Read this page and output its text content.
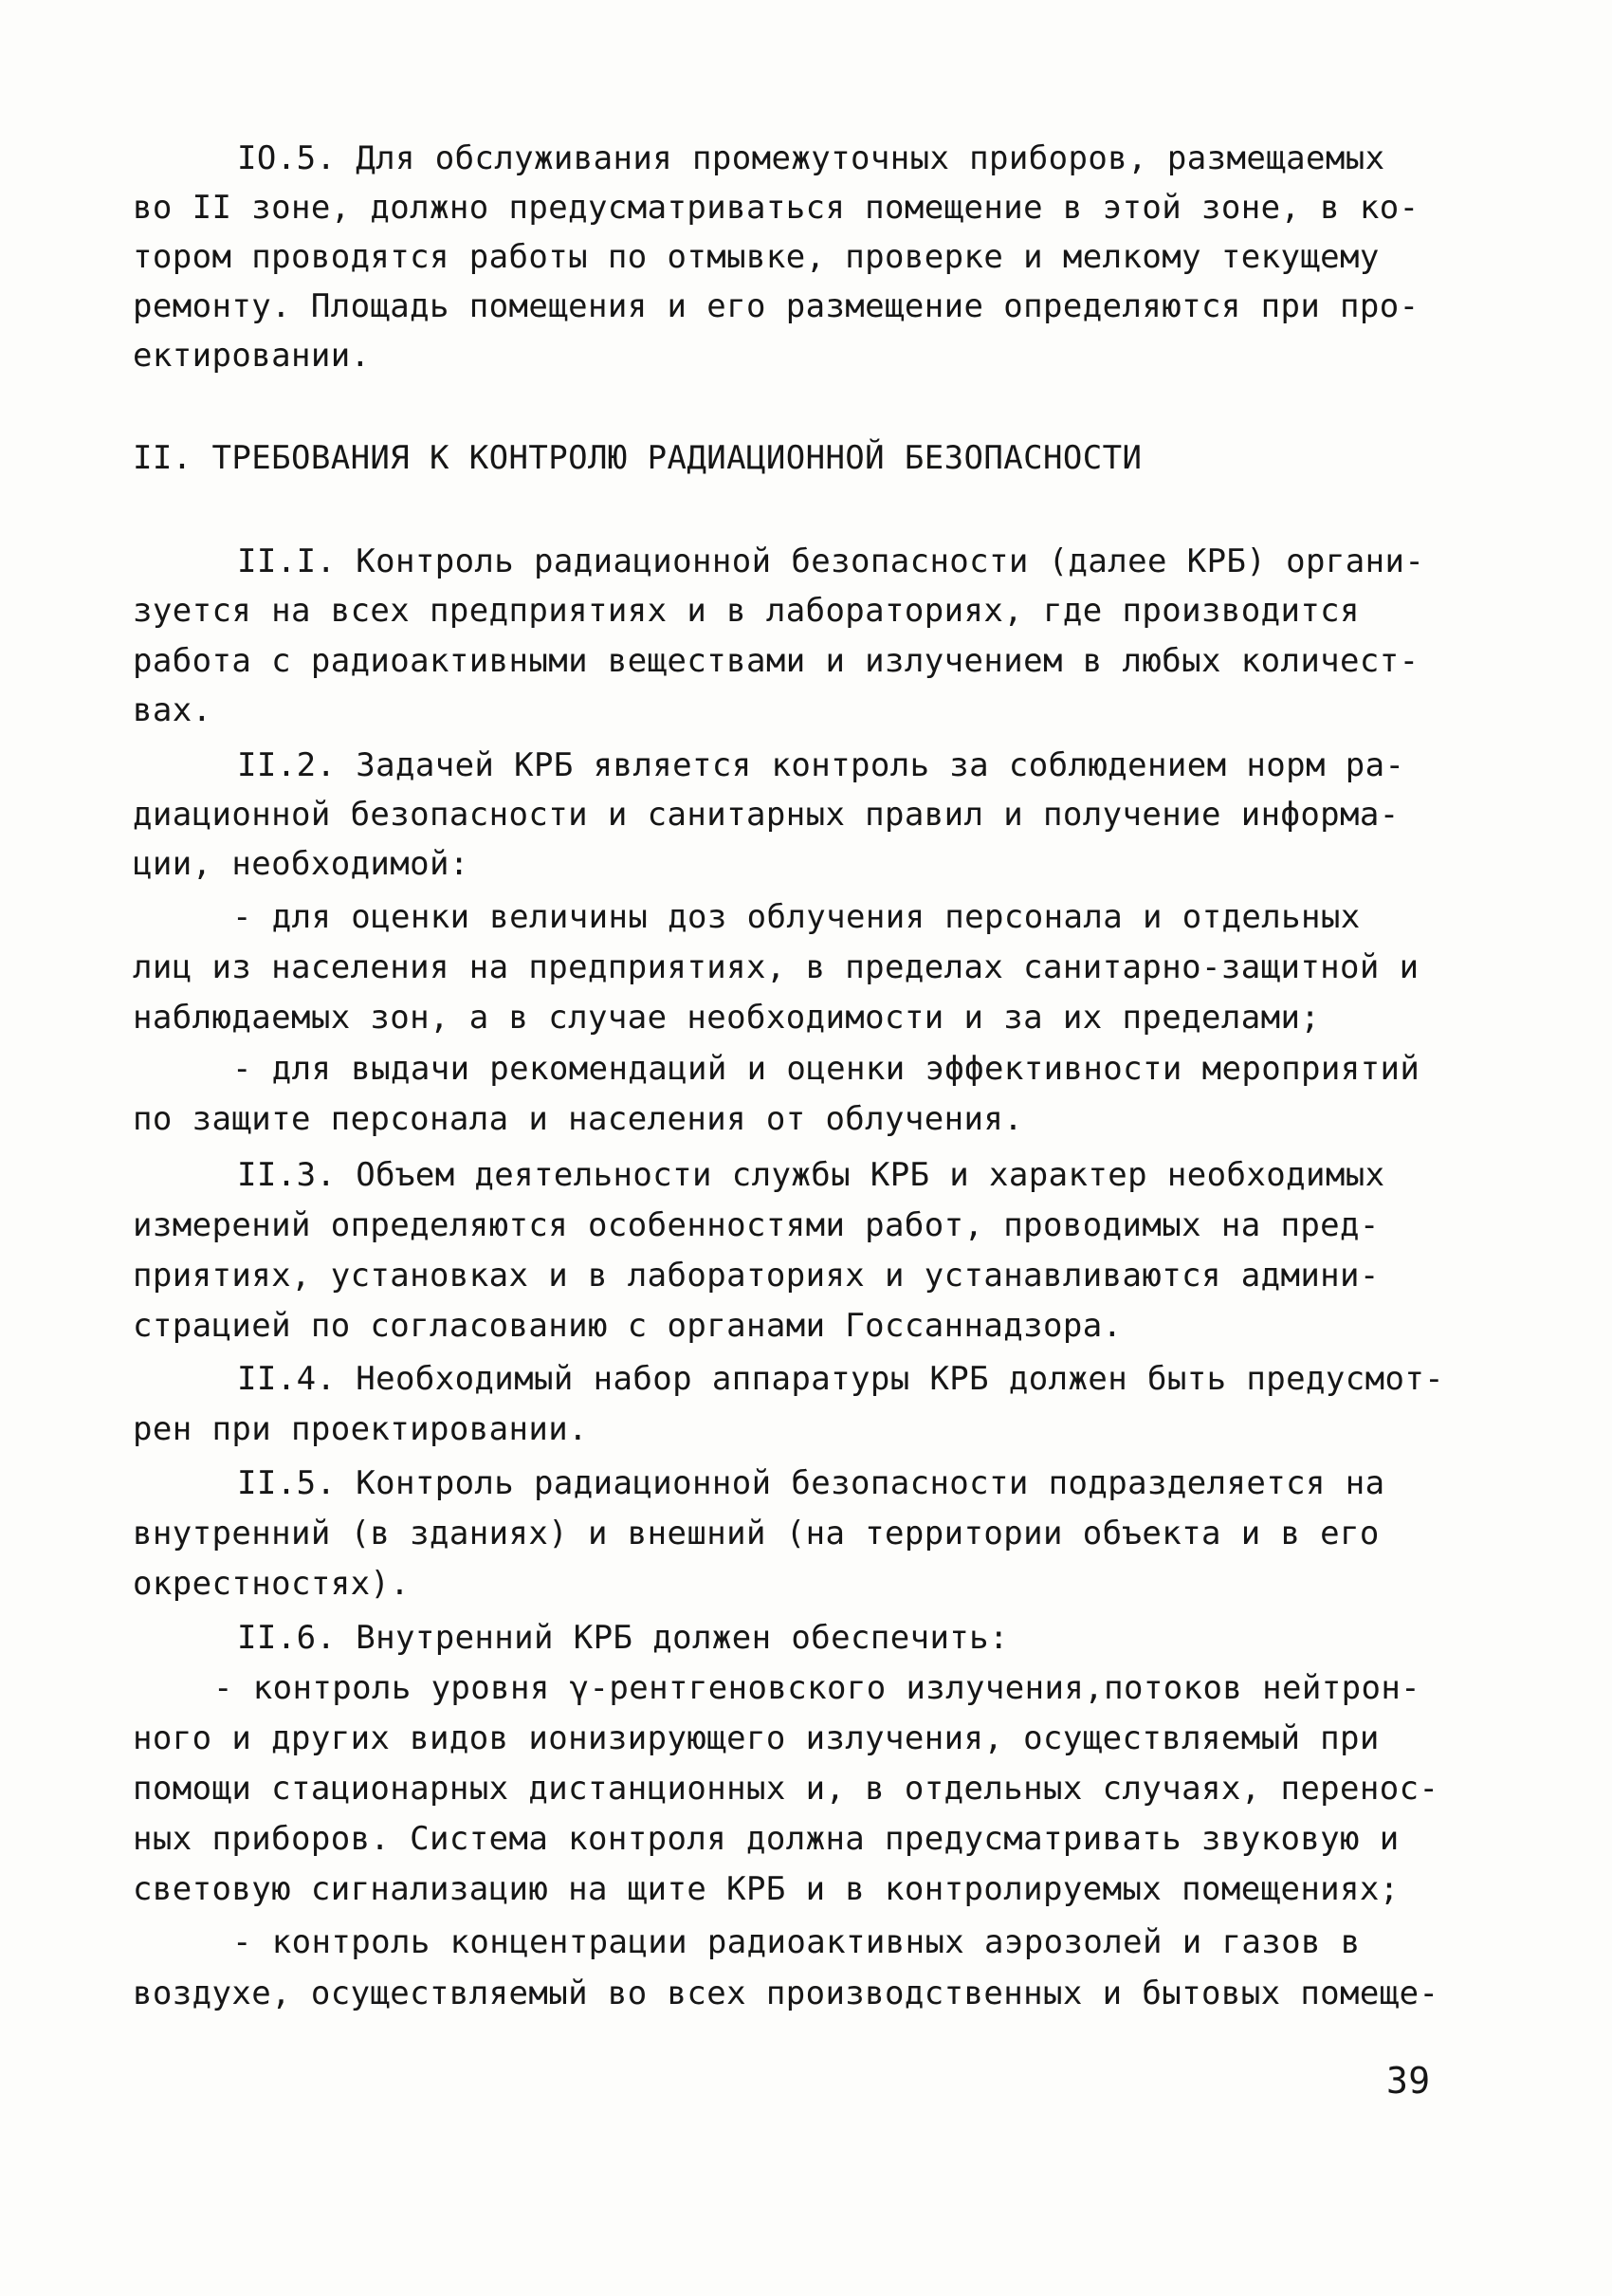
IO.5. Для обслуживания промежуточных приборов, размещаемых
во II зоне, должно предусматриваться помещение в этой зоне, в ко-
тором проводятся работы по отмывке, проверке и мелкому текущему
ремонту. Площадь помещения и его размещение определяются при про-
ектировании.
II. ТРЕБОВАНИЯ К КОНТРОЛЮ РАДИАЦИОННОЙ БЕЗОПАСНОСТИ
II.I. Контроль радиационной безопасности (далее КРБ) органи-
зуется на всех предприятиях и в лабораториях, где производится
работа с радиоактивными веществами и излучением в любых количест-
вах.
II.2. Задачей КРБ является контроль за соблюдением норм ра-
диационной безопасности и санитарных правил и получение информа-
ции, необходимой:
- для оценки величины доз облучения персонала и отдельных
лиц из населения на предприятиях, в пределах санитарно-защитной и
наблюдаемых зон, а в случае необходимости и за их пределами;
- для выдачи рекомендаций и оценки эффективности мероприятий
по защите персонала и населения от облучения.
II.3. Объем деятельности службы КРБ и характер необходимых
измерений определяются особенностями работ, проводимых на пред-
приятиях, установках и в лабораториях и устанавливаются админи-
страцией по согласованию с органами Госсаннадзора.
II.4. Необходимый набор аппаратуры КРБ должен быть предусмот-
рен при проектировании.
II.5. Контроль радиационной безопасности подразделяется на
внутренний (в зданиях) и внешний (на территории объекта и в его
окрестностях).
II.6. Внутренний КРБ должен обеспечить:
- контроль уровня γ-рентгеновского излучения,потоков нейтрон-
ного и других видов ионизирующего излучения, осуществляемый при
помощи стационарных дистанционных и, в отдельных случаях, перенос-
ных приборов. Система контроля должна предусматривать звуковую и
световую сигнализацию на щите КРБ и в контролируемых помещениях;
- контроль концентрации радиоактивных аэрозолей и газов в
воздухе, осуществляемый во всех производственных и бытовых помеще-
39
